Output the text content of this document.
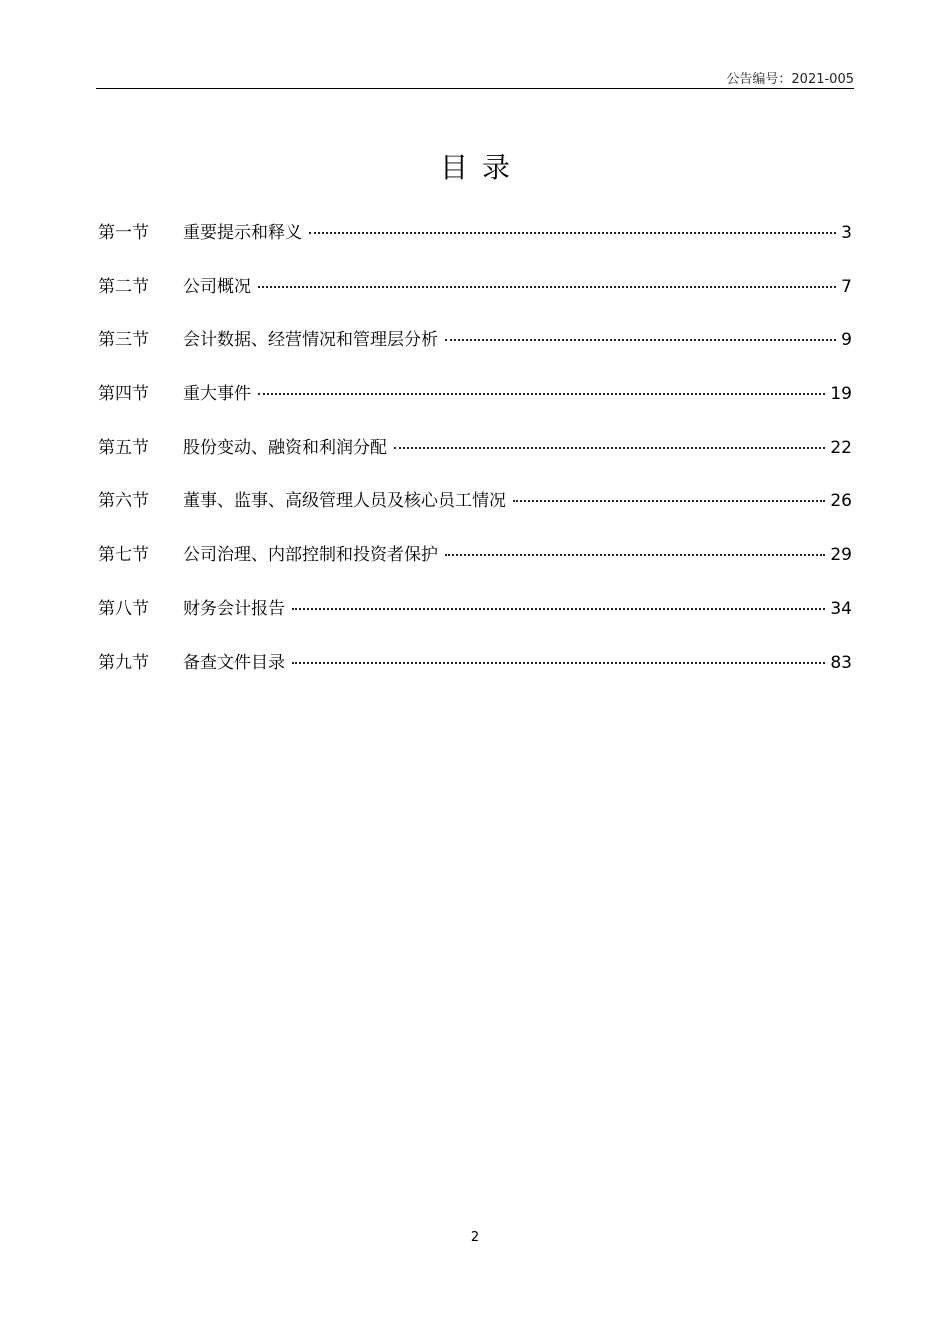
公告编号：2021-005
目录
第一节	重要提示和释义	3
第二节	公司概况	7
第三节	会计数据、经营情况和管理层分析	9
第四节	重大事件	19
第五节	股份变动、融资和利润分配	22
第六节	董事、监事、高级管理人员及核心员工情况	26
第七节	公司治理、内部控制和投资者保护	29
第八节	财务会计报告	34
第九节	备查文件目录	83
2
